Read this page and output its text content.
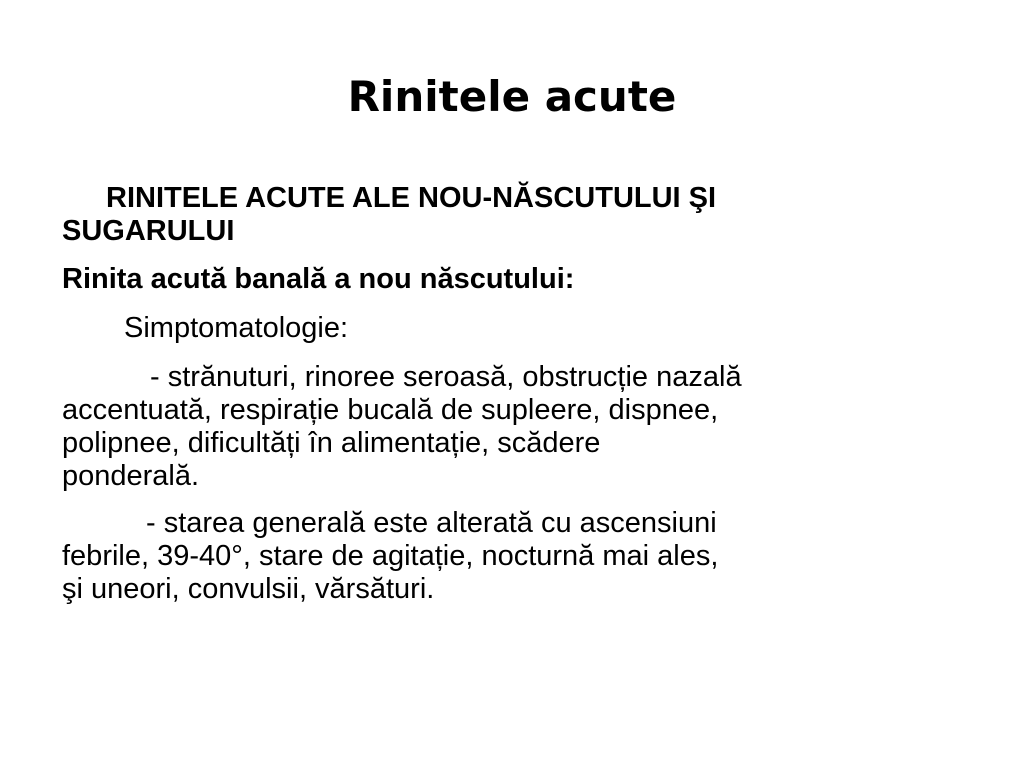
Rinitele acute
RINITELE ACUTE ALE NOU-NĂSCUTULUI ŞI
SUGARULUI
Rinita acută banală a nou născutului:
Simptomatologie:
- strănuturi, rinoree seroasă, obstrucție nazală
accentuată, respirație bucală de supleere, dispnee,
polipnee, dificultăți în alimentație, scădere
ponderală.
- starea generală este alterată cu ascensiuni
febrile, 39-40°, stare de agitație, nocturnă mai ales,
şi uneori, convulsii, vărsături.
